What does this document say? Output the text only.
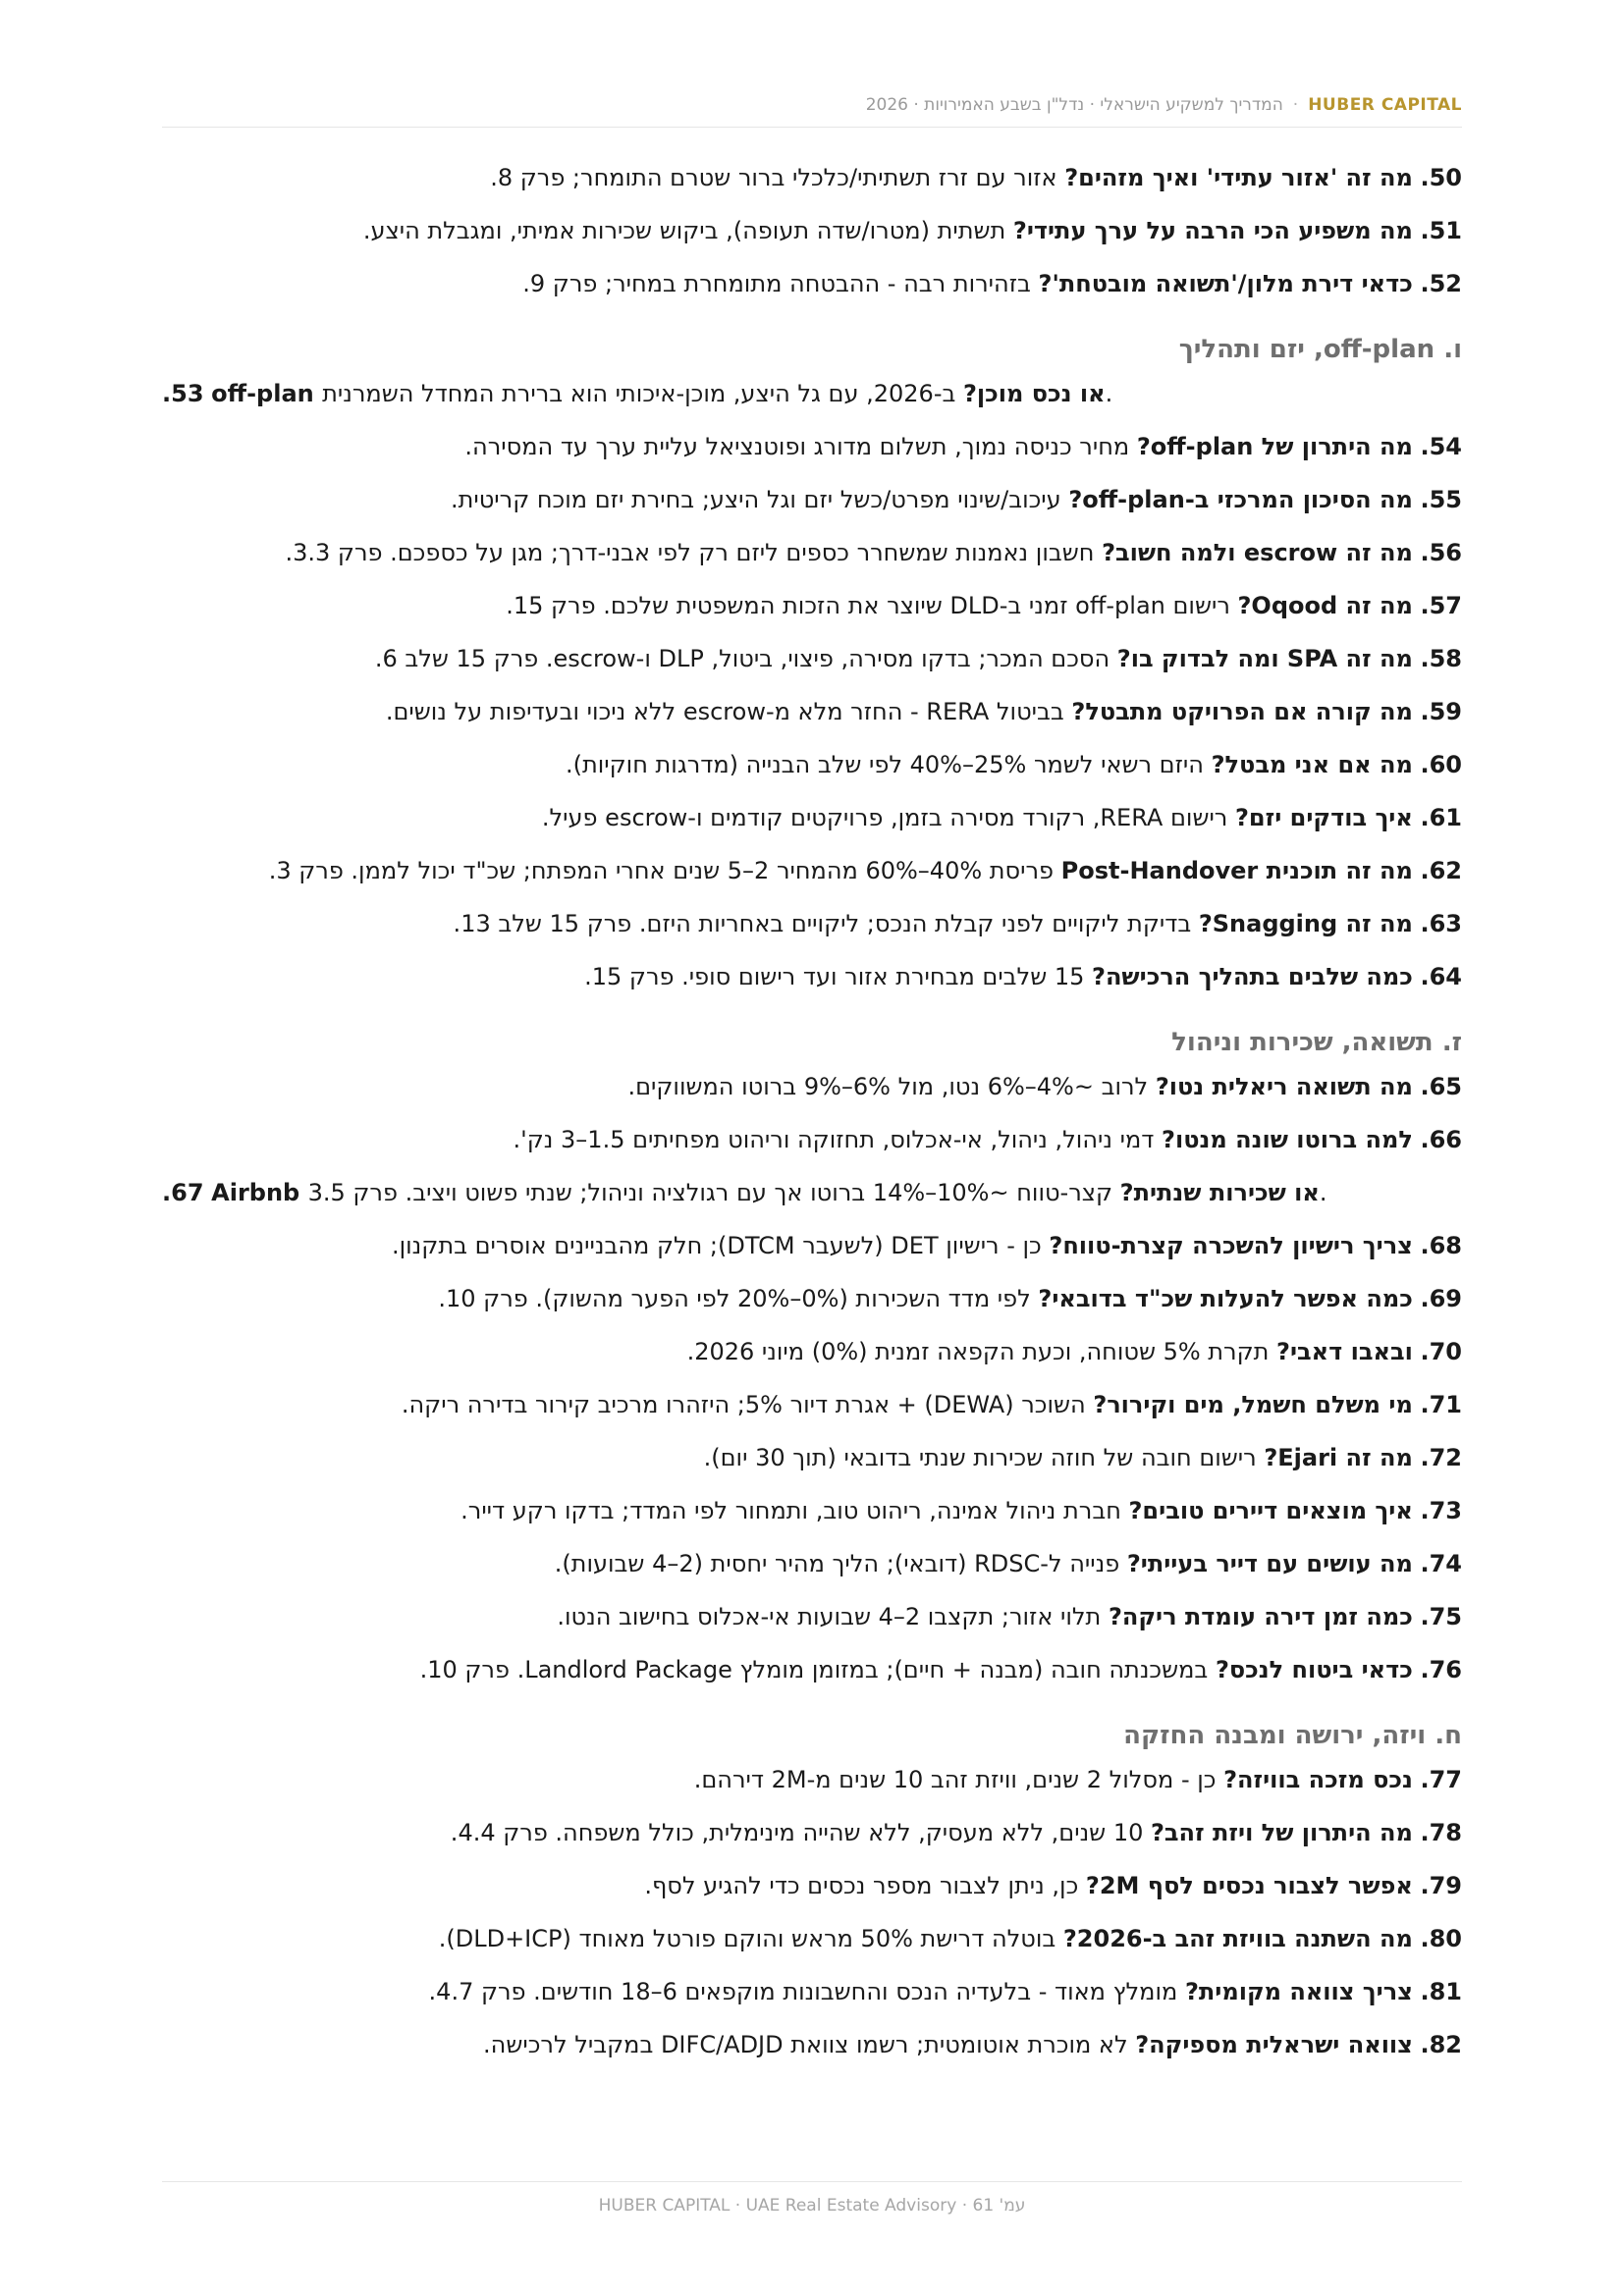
HUBER CAPITAL
·
המדריך למשקיע הישראלי · נדל"ן בשבע האמירויות · 2026
.50 מה זה 'אזור עתידי' ואיך מזהים? אזור עם זרז תשתיתי/כלכלי ברור שטרם התומחר; פרק 8.
.51 מה משפיע הכי הרבה על ערך עתידי? תשתית (מטרו/שדה תעופה), ביקוש שכירות אמיתי, ומגבלת היצע.
.52 כדאי דירת מלון/'תשואה מובטחת'? בזהירות רבה - ההבטחה מתומחרת במחיר; פרק 9.
ו. off-plan, יזם ותהליך
.53 off-plan או נכס מוכן? ב-2026, עם גל היצע, מוכן-איכותי הוא ברירת המחדל השמרנית.
.54 מה היתרון של off-plan? מחיר כניסה נמוך, תשלום מדורג ופוטנציאל עליית ערך עד המסירה.
.55 מה הסיכון המרכזי ב-off-plan? עיכוב/שינוי מפרט/כשל יזם וגל היצע; בחירת יזם מוכח קריטית.
.56 מה זה escrow ולמה חשוב? חשבון נאמנות שמשחרר כספים ליזם רק לפי אבני-דרך; מגן על כספכם. פרק 3.3.
.57 מה זה Oqood? רישום off-plan זמני ב-DLD שיוצר את הזכות המשפטית שלכם. פרק 15.
.58 מה זה SPA ומה לבדוק בו? הסכם המכר; בדקו מסירה, פיצוי, ביטול, DLP ו-escrow. פרק 15 שלב 6.
.59 מה קורה אם הפרויקט מתבטל? בביטול RERA - החזר מלא מ-escrow ללא ניכוי ובעדיפות על נושים.
.60 מה אם אני מבטל? היזם רשאי לשמר 25%–40% לפי שלב הבנייה (מדרגות חוקיות).
.61 איך בודקים יזם? רישום RERA, רקורד מסירה בזמן, פרויקטים קודמים ו-escrow פעיל.
.62 מה זה תוכנית Post-Handover פריסת 40%–60% מהמחיר 2–5 שנים אחרי המפתח; שכ"ד יכול לממן. פרק 3.
.63 מה זה Snagging? בדיקת ליקויים לפני קבלת הנכס; ליקויים באחריות היזם. פרק 15 שלב 13.
.64 כמה שלבים בתהליך הרכישה? 15 שלבים מבחירת אזור ועד רישום סופי. פרק 15.
ז. תשואה, שכירות וניהול
.65 מה תשואה ריאלית נטו? לרוב ~4%–6% נטו, מול 6%–9% ברוטו המשווקים.
.66 למה ברוטו שונה מנטו? דמי ניהול, ניהול, אי-אכלוס, תחזוקה וריהוט מפחיתים 1.5–3 נק'.
.67 Airbnb או שכירות שנתית? קצר-טווח ~10%–14% ברוטו אך עם רגולציה וניהול; שנתי פשוט ויציב. פרק 3.5.
.68 צריך רישיון להשכרה קצרת-טווח? כן - רישיון DET (לשעבר DTCM); חלק מהבניינים אוסרים בתקנון.
.69 כמה אפשר להעלות שכ"ד בדובאי? לפי מדד השכירות (0%–20% לפי הפער מהשוק). פרק 10.
.70 ובאבו דאבי? תקרת 5% שטוחה, וכעת הקפאה זמנית (0%) מיוני 2026.
.71 מי משלם חשמל, מים וקירור? השוכר (DEWA) + אגרת דיור 5%; היזהרו מרכיב קירור בדירה ריקה.
.72 מה זה Ejari? רישום חובה של חוזה שכירות שנתי בדובאי (תוך 30 יום).
.73 איך מוצאים דיירים טובים? חברת ניהול אמינה, ריהוט טוב, ותמחור לפי המדד; בדקו רקע דייר.
.74 מה עושים עם דייר בעייתי? פנייה ל-RDSC (דובאי); הליך מהיר יחסית (2–4 שבועות).
.75 כמה זמן דירה עומדת ריקה? תלוי אזור; תקצבו 2–4 שבועות אי-אכלוס בחישוב הנטו.
.76 כדאי ביטוח לנכס? במשכנתה חובה (מבנה + חיים); במזומן מומלץ Landlord Package. פרק 10.
ח. ויזה, ירושה ומבנה החזקה
.77 נכס מזכה בוויזה? כן - מסלול 2 שנים, וויזת זהב 10 שנים מ-2M דירהם.
.78 מה היתרון של ויזת זהב? 10 שנים, ללא מעסיק, ללא שהייה מינימלית, כולל משפחה. פרק 4.4.
.79 אפשר לצבור נכסים לסף 2M? כן, ניתן לצבור מספר נכסים כדי להגיע לסף.
.80 מה השתנה בוויזת זהב ב-2026? בוטלה דרישת 50% מראש והוקם פורטל מאוחד (DLD+ICP).
.81 צריך צוואה מקומית? מומלץ מאוד - בלעדיה הנכס והחשבונות מוקפאים 6–18 חודשים. פרק 4.7.
.82 צוואה ישראלית מספיקה? לא מוכרת אוטומטית; רשמו צוואת DIFC/ADJD במקביל לרכישה.
עמ' 61 · HUBER CAPITAL · UAE Real Estate Advisory
